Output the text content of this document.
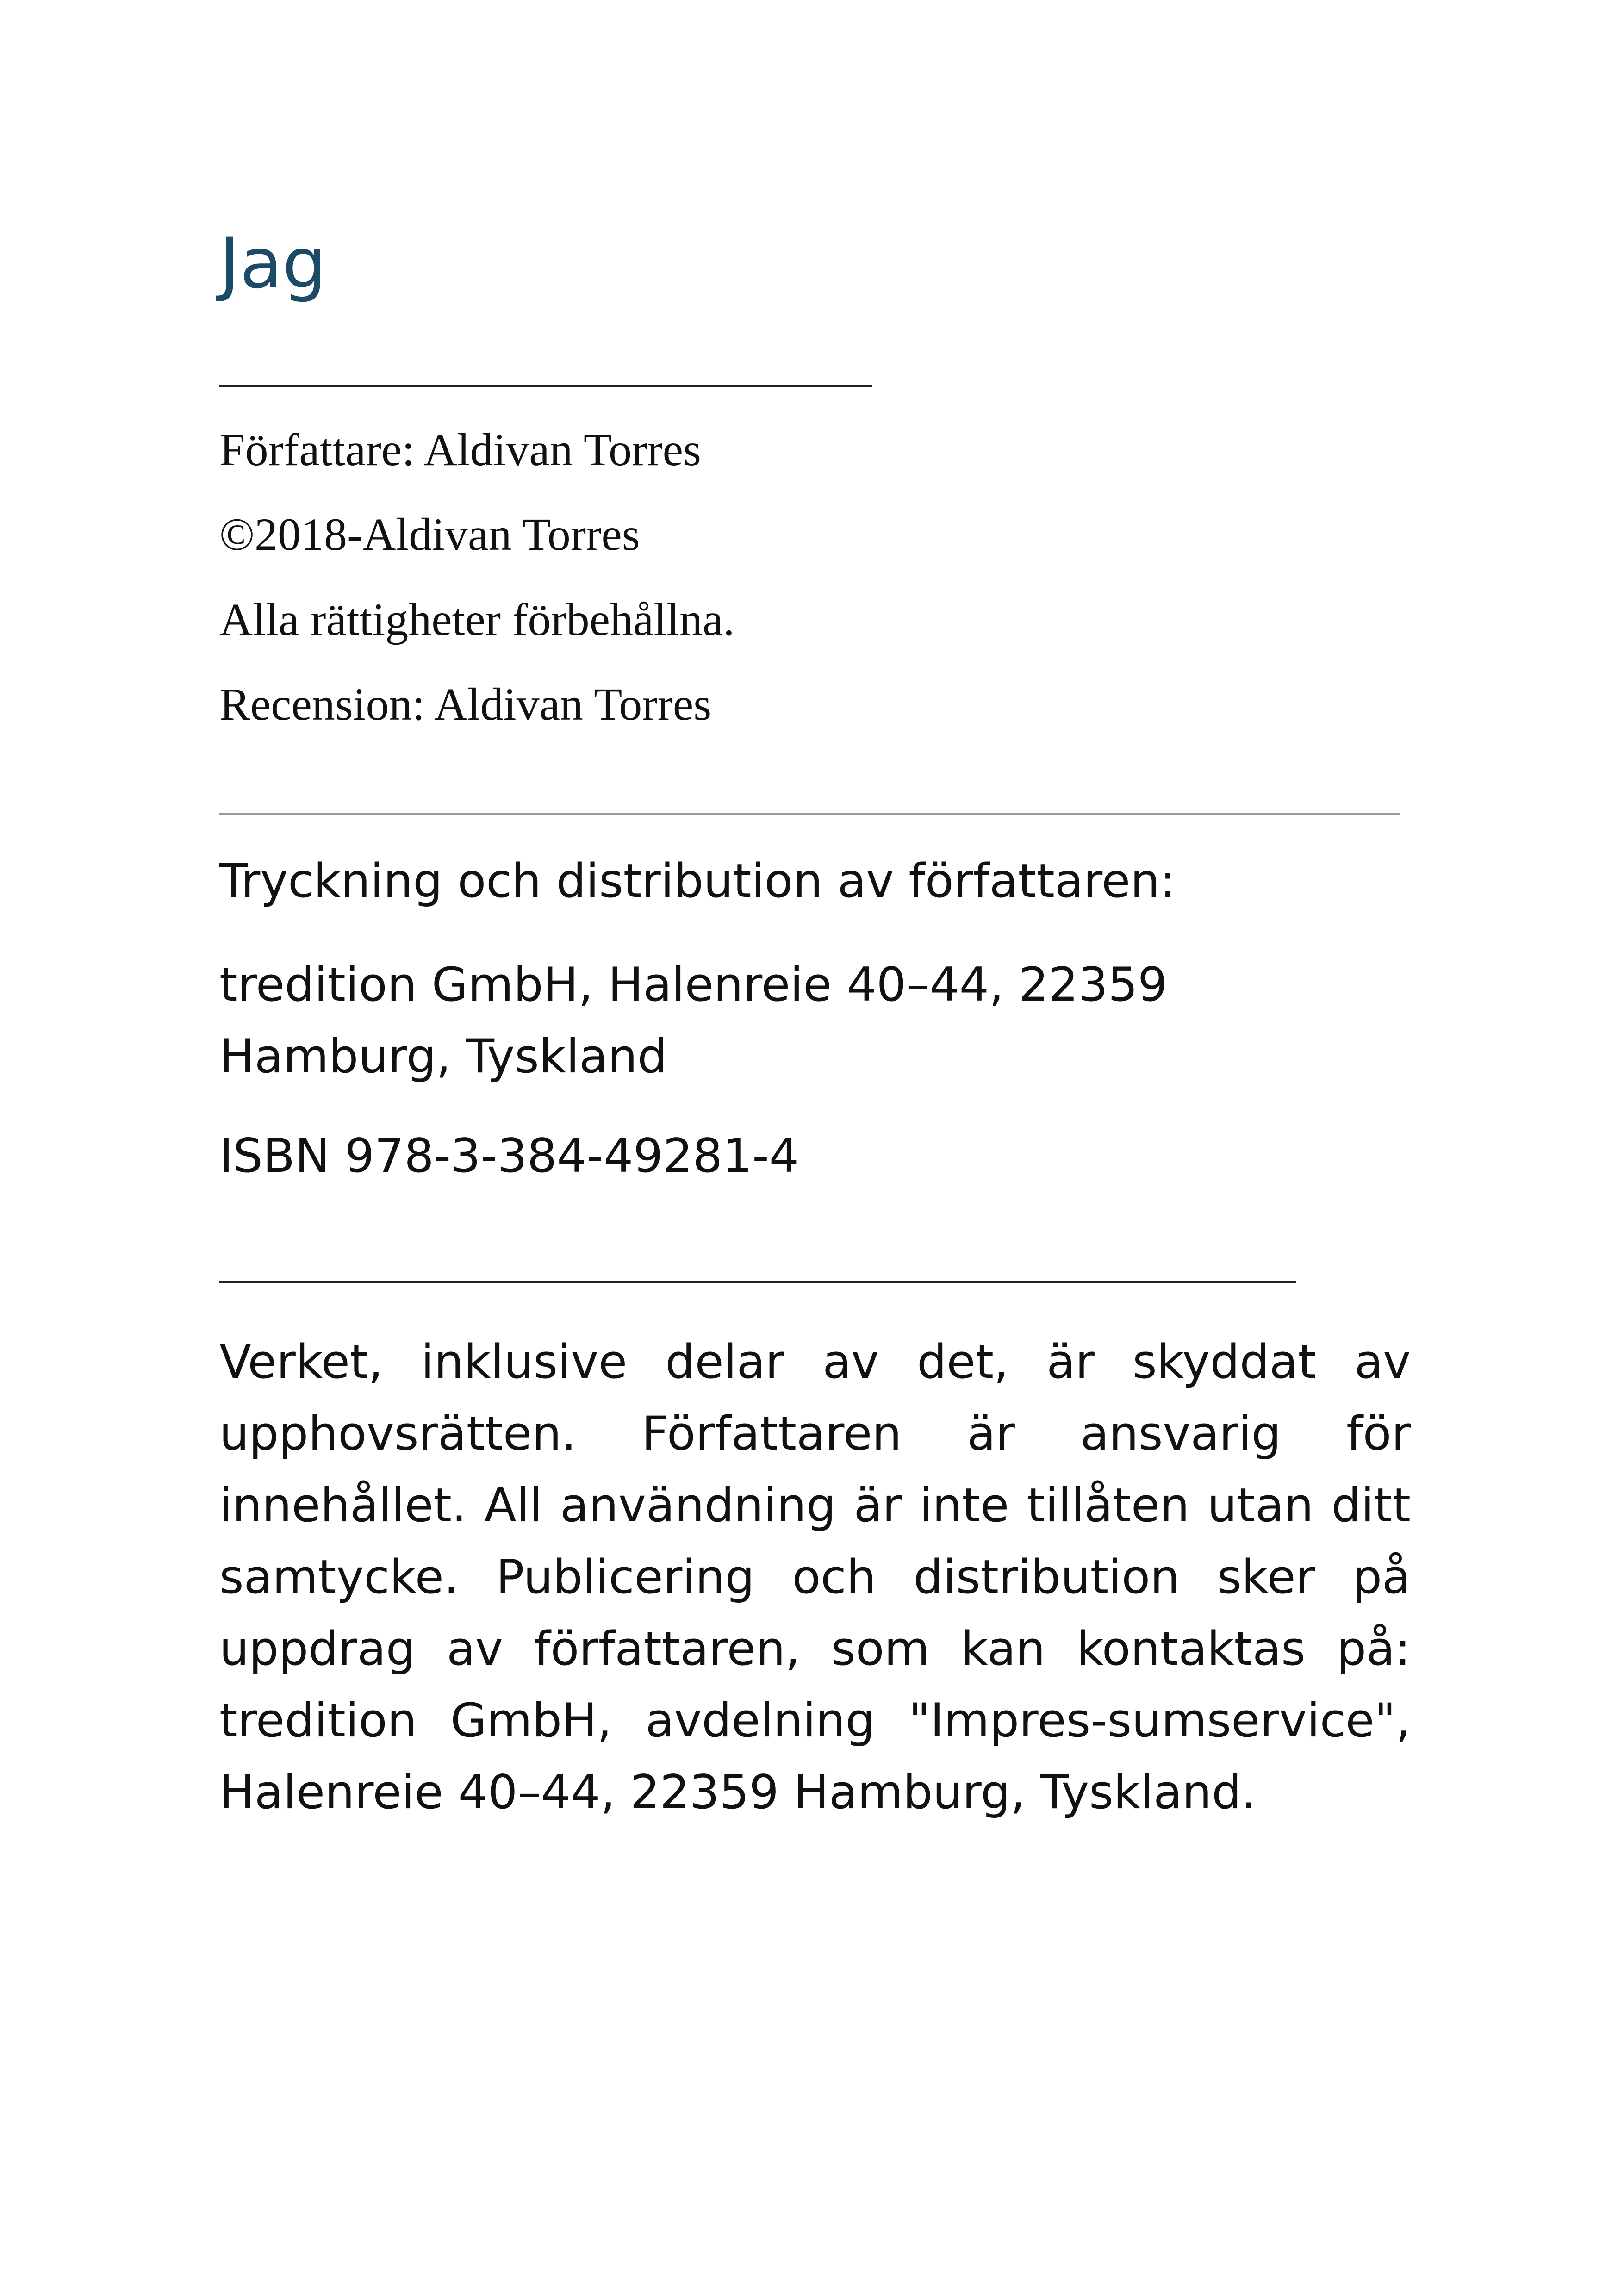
Jag

Författare: Aldivan Torres

©2018-Aldivan Torres

Alla rättigheter förbehållna.

Recension: Aldivan Torres

Tryckning och distribution av författaren:

tredition GmbH, Halenreie 40–44, 22359 Hamburg, Tyskland

ISBN 978-3-384-49281-4

Verket, inklusive delar av det, är skyddat av upphovsrätten. Författaren är ansvarig för innehållet. All användning är inte tillåten utan ditt samtycke. Publicering och distribution sker på uppdrag av författaren, som kan kontaktas på: tredition GmbH, avdelning "Impres-sumservice", Halenreie 40–44, 22359 Hamburg, Tyskland.
